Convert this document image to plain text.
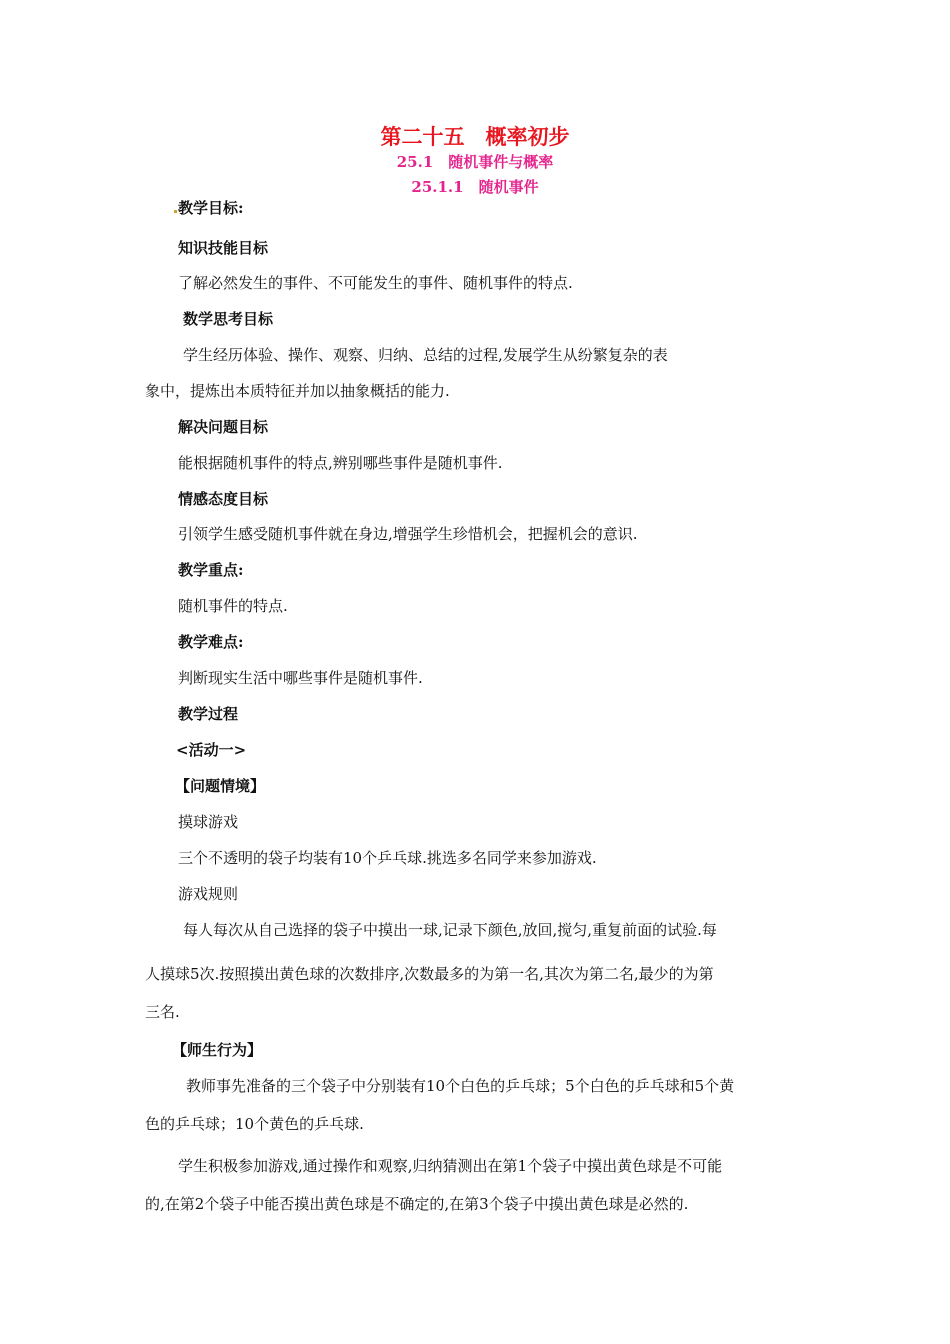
第二十五　概率初步
25.1　随机事件与概率
25.1.1　随机事件
教学目标:
知识技能目标
了解必然发生的事件、不可能发生的事件、随机事件的特点.
数学思考目标
学生经历体验、操作、观察、归纳、总结的过程,发展学生从纷繁复杂的表
象中，提炼出本质特征并加以抽象概括的能力.
解决问题目标
能根据随机事件的特点,辨别哪些事件是随机事件.
情感态度目标
引领学生感受随机事件就在身边,增强学生珍惜机会，把握机会的意识.
教学重点:
随机事件的特点.
教学难点:
判断现实生活中哪些事件是随机事件.
教学过程
<活动一>
【问题情境】
摸球游戏
三个不透明的袋子均装有10个乒乓球.挑选多名同学来参加游戏.
游戏规则
每人每次从自己选择的袋子中摸出一球,记录下颜色,放回,搅匀,重复前面的试验.每
人摸球5次.按照摸出黄色球的次数排序,次数最多的为第一名,其次为第二名,最少的为第
三名.
【师生行为】
教师事先准备的三个袋子中分别装有10个白色的乒乓球；5个白色的乒乓球和5个黄
色的乒乓球；10个黄色的乒乓球.
学生积极参加游戏,通过操作和观察,归纳猜测出在第1个袋子中摸出黄色球是不可能
的,在第2个袋子中能否摸出黄色球是不确定的,在第3个袋子中摸出黄色球是必然的.
